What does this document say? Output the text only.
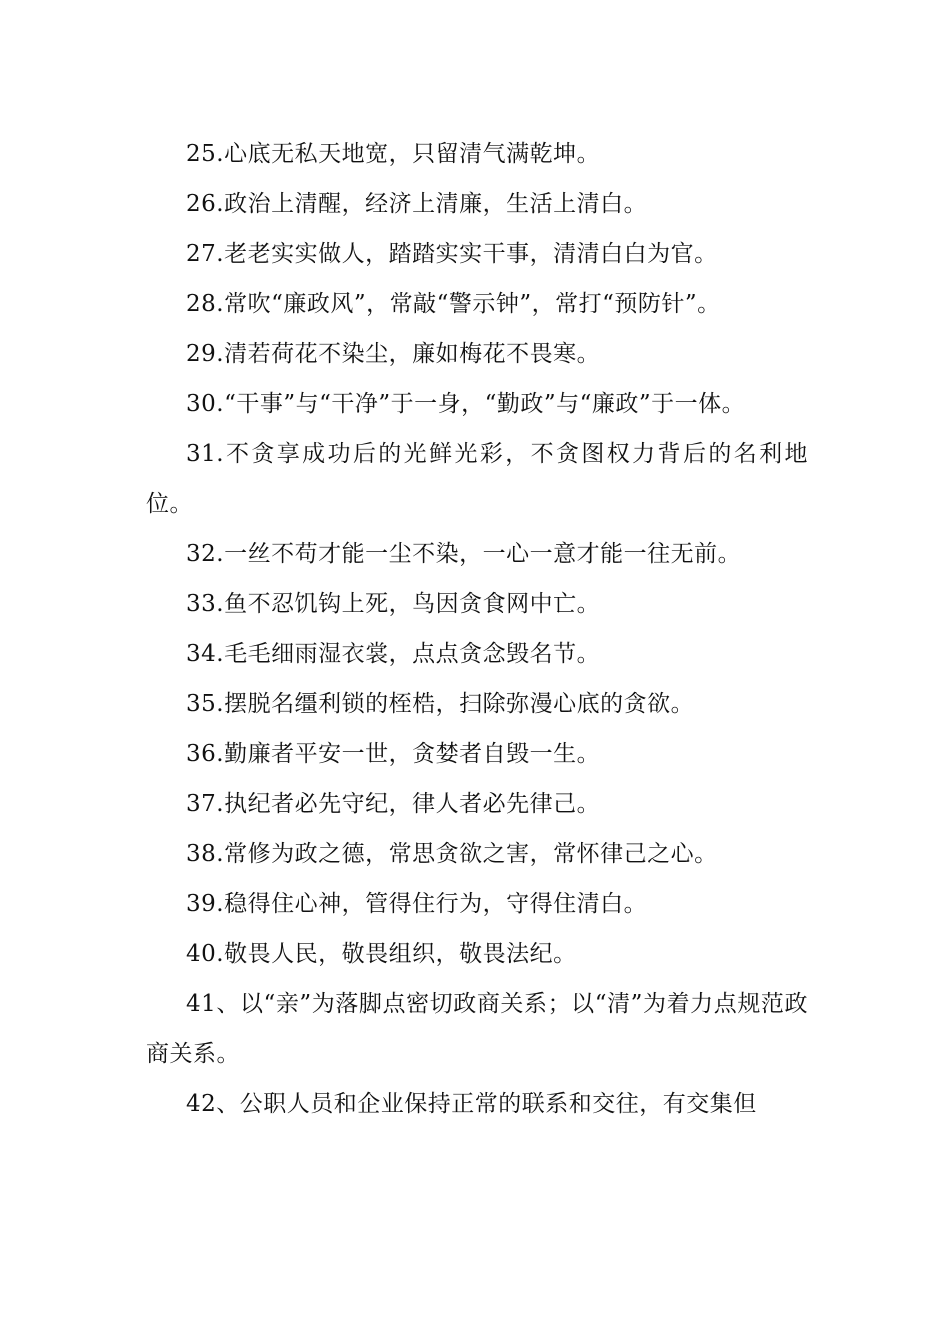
25.心底无私天地宽，只留清气满乾坤。

26.政治上清醒，经济上清廉，生活上清白。

27.老老实实做人，踏踏实实干事，清清白白为官。

28.常吹“廉政风”，常敲“警示钟”，常打“预防针”。

29.清若荷花不染尘，廉如梅花不畏寒。

30.“干事”与“干净”于一身，“勤政”与“廉政”于一体。

31.不贪享成功后的光鲜光彩，不贪图权力背后的名利地位。

32.一丝不苟才能一尘不染，一心一意才能一往无前。

33.鱼不忍饥钩上死，鸟因贪食网中亡。

34.毛毛细雨湿衣裳，点点贪念毁名节。

35.摆脱名缰利锁的桎梏，扫除弥漫心底的贪欲。

36.勤廉者平安一世，贪婪者自毁一生。

37.执纪者必先守纪，律人者必先律己。

38.常修为政之德，常思贪欲之害，常怀律己之心。

39.稳得住心神，管得住行为，守得住清白。

40.敬畏人民，敬畏组织，敬畏法纪。

41、以“亲”为落脚点密切政商关系；以“清”为着力点规范政商关系。

42、公职人员和企业保持正常的联系和交往，有交集但
